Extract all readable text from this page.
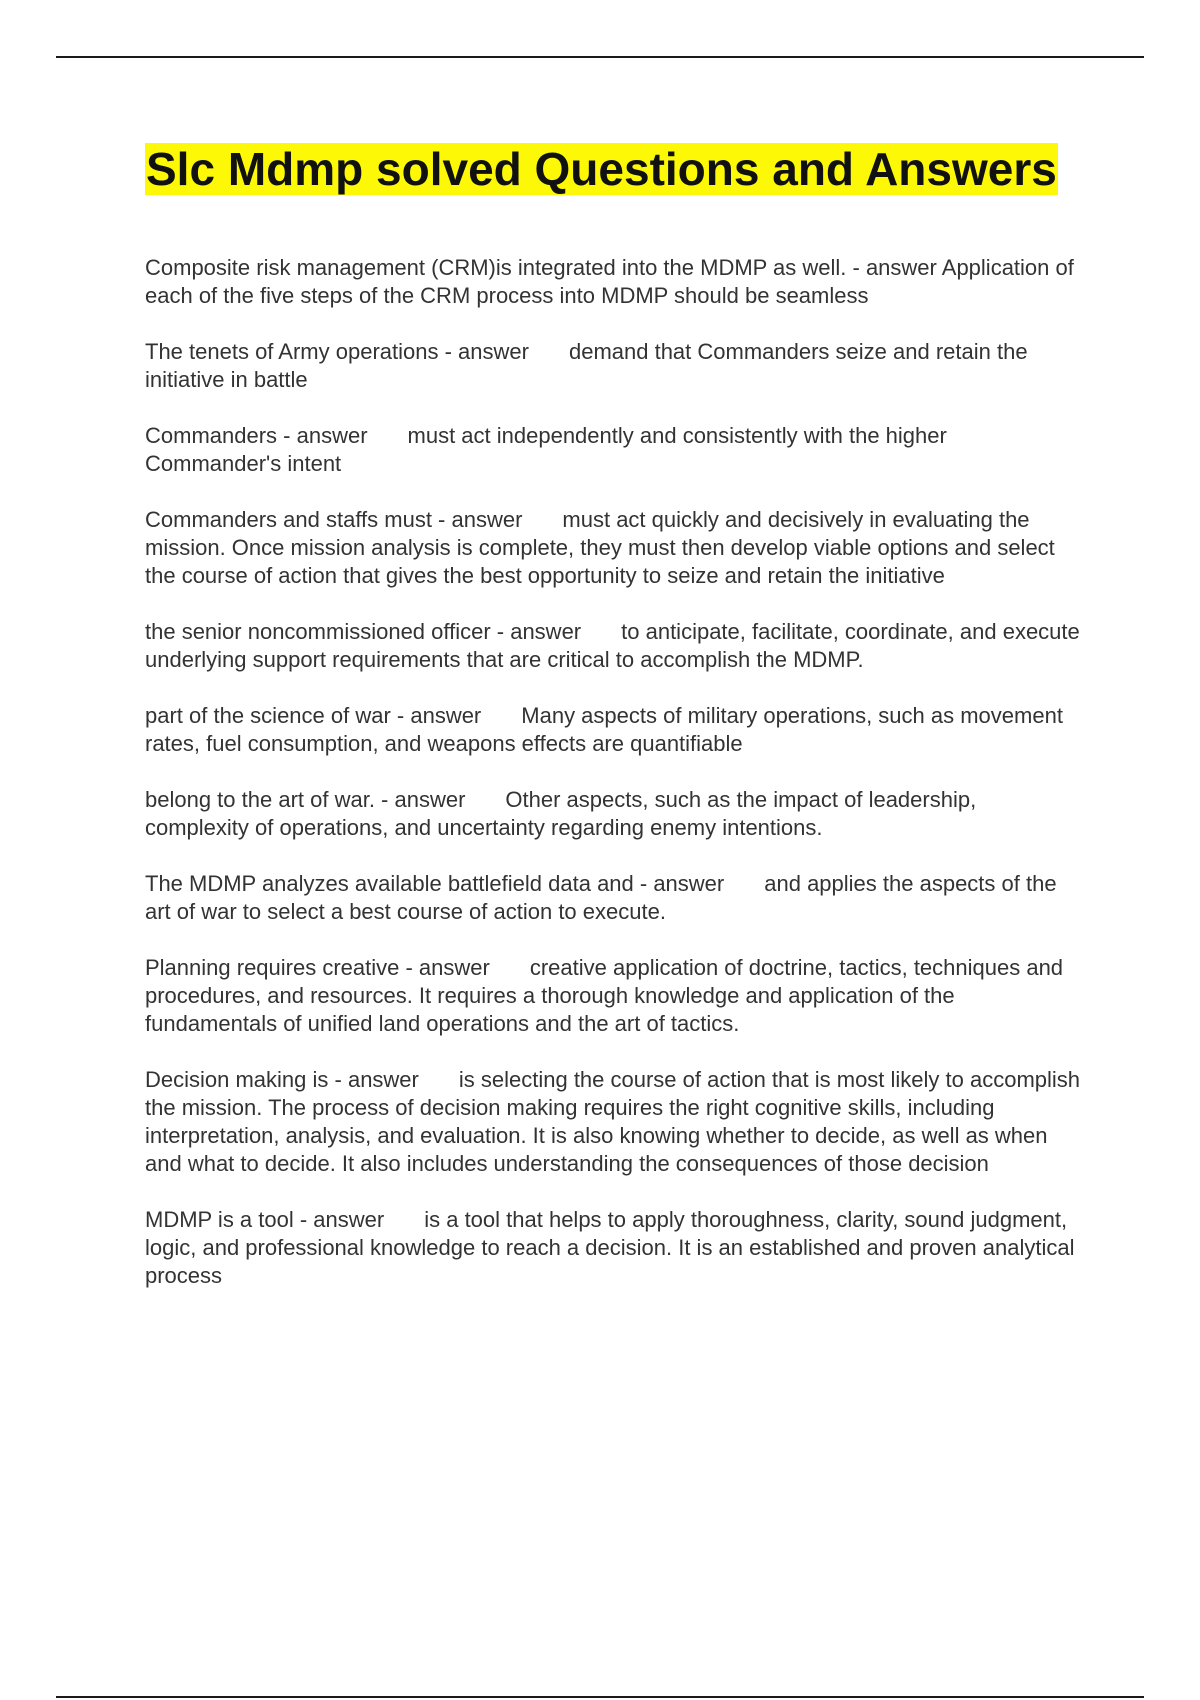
Slc Mdmp solved Questions and Answers
Composite risk management (CRM)is integrated into the MDMP as well. - answer Application of each of the five steps of the CRM process into MDMP should be seamless
The tenets of Army operations - answer demand that Commanders seize and retain the initiative in battle
Commanders - answer must act independently and consistently with the higher Commander's intent
Commanders and staffs must - answer must act quickly and decisively in evaluating the mission. Once mission analysis is complete, they must then develop viable options and select the course of action that gives the best opportunity to seize and retain the initiative
the senior noncommissioned officer - answer to anticipate, facilitate, coordinate, and execute underlying support requirements that are critical to accomplish the MDMP.
part of the science of war - answer Many aspects of military operations, such as movement rates, fuel consumption, and weapons effects are quantifiable
belong to the art of war. - answer Other aspects, such as the impact of leadership, complexity of operations, and uncertainty regarding enemy intentions.
The MDMP analyzes available battlefield data and - answer and applies the aspects of the art of war to select a best course of action to execute.
Planning requires creative - answer creative application of doctrine, tactics, techniques and procedures, and resources. It requires a thorough knowledge and application of the fundamentals of unified land operations and the art of tactics.
Decision making is - answer is selecting the course of action that is most likely to accomplish the mission. The process of decision making requires the right cognitive skills, including interpretation, analysis, and evaluation. It is also knowing whether to decide, as well as when and what to decide. It also includes understanding the consequences of those decision
MDMP is a tool - answer is a tool that helps to apply thoroughness, clarity, sound judgment, logic, and professional knowledge to reach a decision. It is an established and proven analytical process
